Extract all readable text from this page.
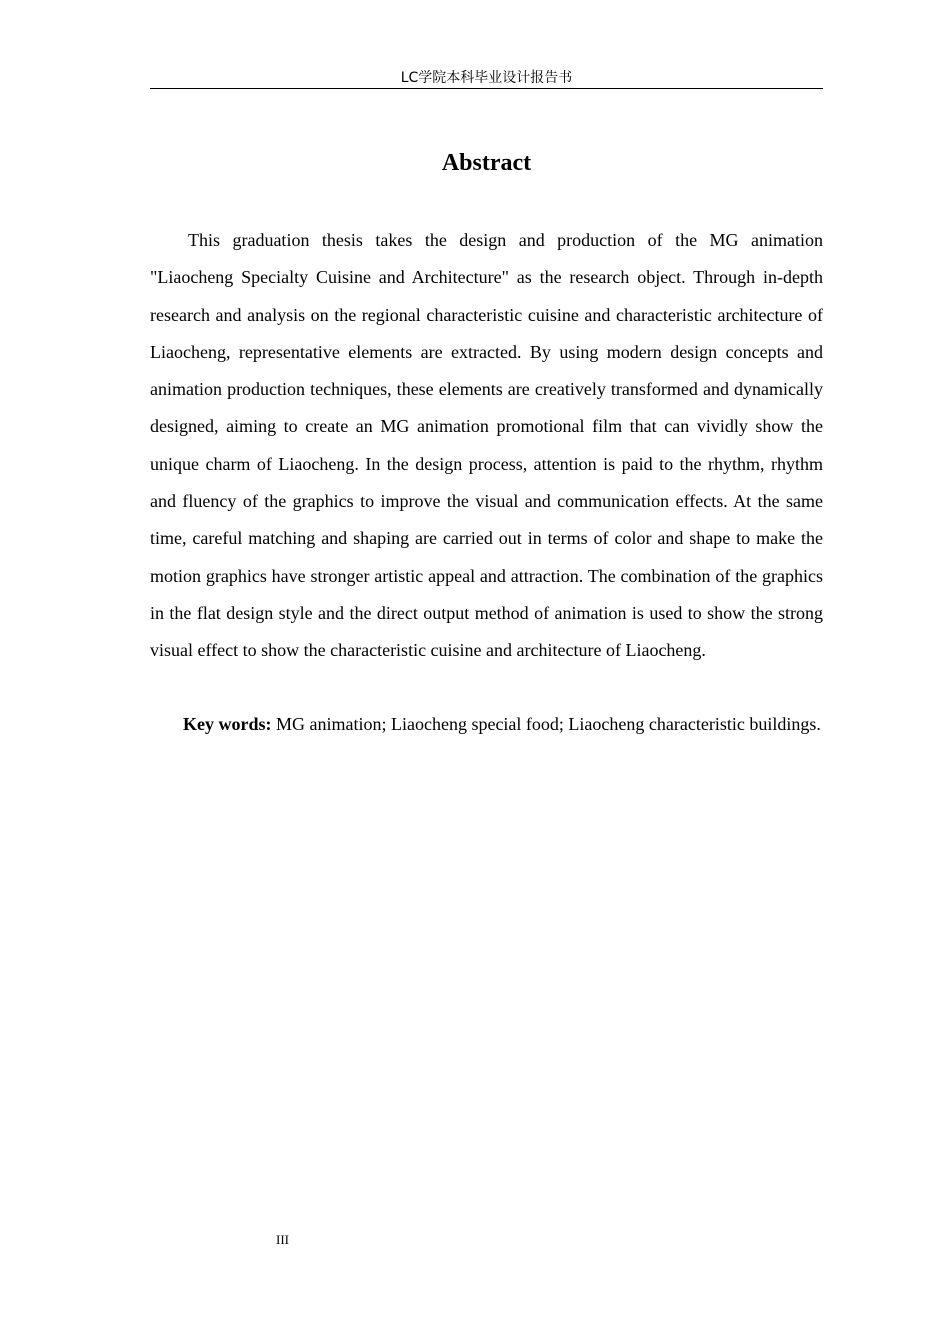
LC学院本科毕业设计报告书
Abstract

This graduation thesis takes the design and production of the MG animation "Liaocheng Specialty Cuisine and Architecture" as the research object. Through in-depth research and analysis on the regional characteristic cuisine and characteristic architecture of Liaocheng, representative elements are extracted. By using modern design concepts and animation production techniques, these elements are creatively transformed and dynamically designed, aiming to create an MG animation promotional film that can vividly show the unique charm of Liaocheng. In the design process, attention is paid to the rhythm, rhythm and fluency of the graphics to improve the visual and communication effects. At the same time, careful matching and shaping are carried out in terms of color and shape to make the motion graphics have stronger artistic appeal and attraction. The combination of the graphics in the flat design style and the direct output method of animation is used to show the strong visual effect to show the characteristic cuisine and architecture of Liaocheng.

Key words: MG animation; Liaocheng special food; Liaocheng characteristic buildings.

III
